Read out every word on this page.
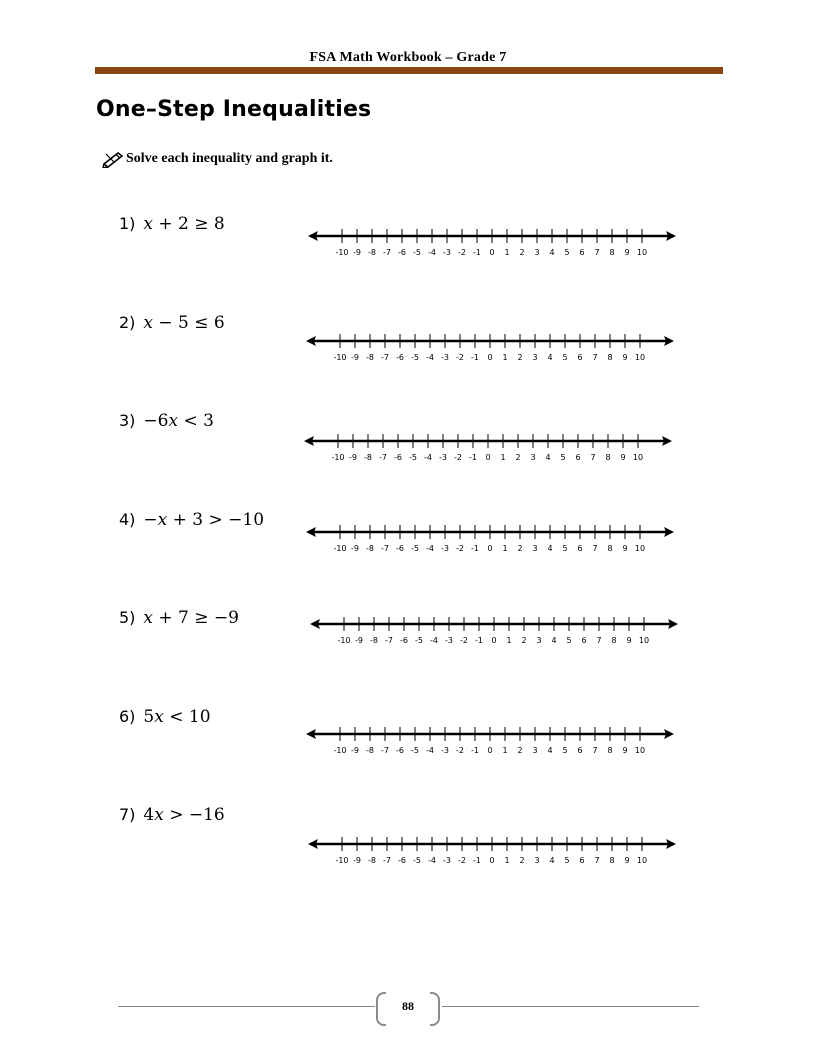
FSA Math Workbook – Grade 7
One–Step Inequalities
Solve each inequality and graph it.
1) 𝑥 + 2 ≥ 8
-10 -9 -8 -7 -6 -5 -4 -3 -2 -1 0 1 2 3 4 5 6 7 8 9 10
2) 𝑥 − 5 ≤ 6
-10 -9 -8 -7 -6 -5 -4 -3 -2 -1 0 1 2 3 4 5 6 7 8 9 10
3) −6𝑥 < 3
-10 -9 -8 -7 -6 -5 -4 -3 -2 -1 0 1 2 3 4 5 6 7 8 9 10
4) −𝑥 + 3 > −10
-10 -9 -8 -7 -6 -5 -4 -3 -2 -1 0 1 2 3 4 5 6 7 8 9 10
5) 𝑥 + 7 ≥ −9
-10 -9 -8 -7 -6 -5 -4 -3 -2 -1 0 1 2 3 4 5 6 7 8 9 10
6) 5𝑥 < 10
-10 -9 -8 -7 -6 -5 -4 -3 -2 -1 0 1 2 3 4 5 6 7 8 9 10
7) 4𝑥 > −16
-10 -9 -8 -7 -6 -5 -4 -3 -2 -1 0 1 2 3 4 5 6 7 8 9 10
88
